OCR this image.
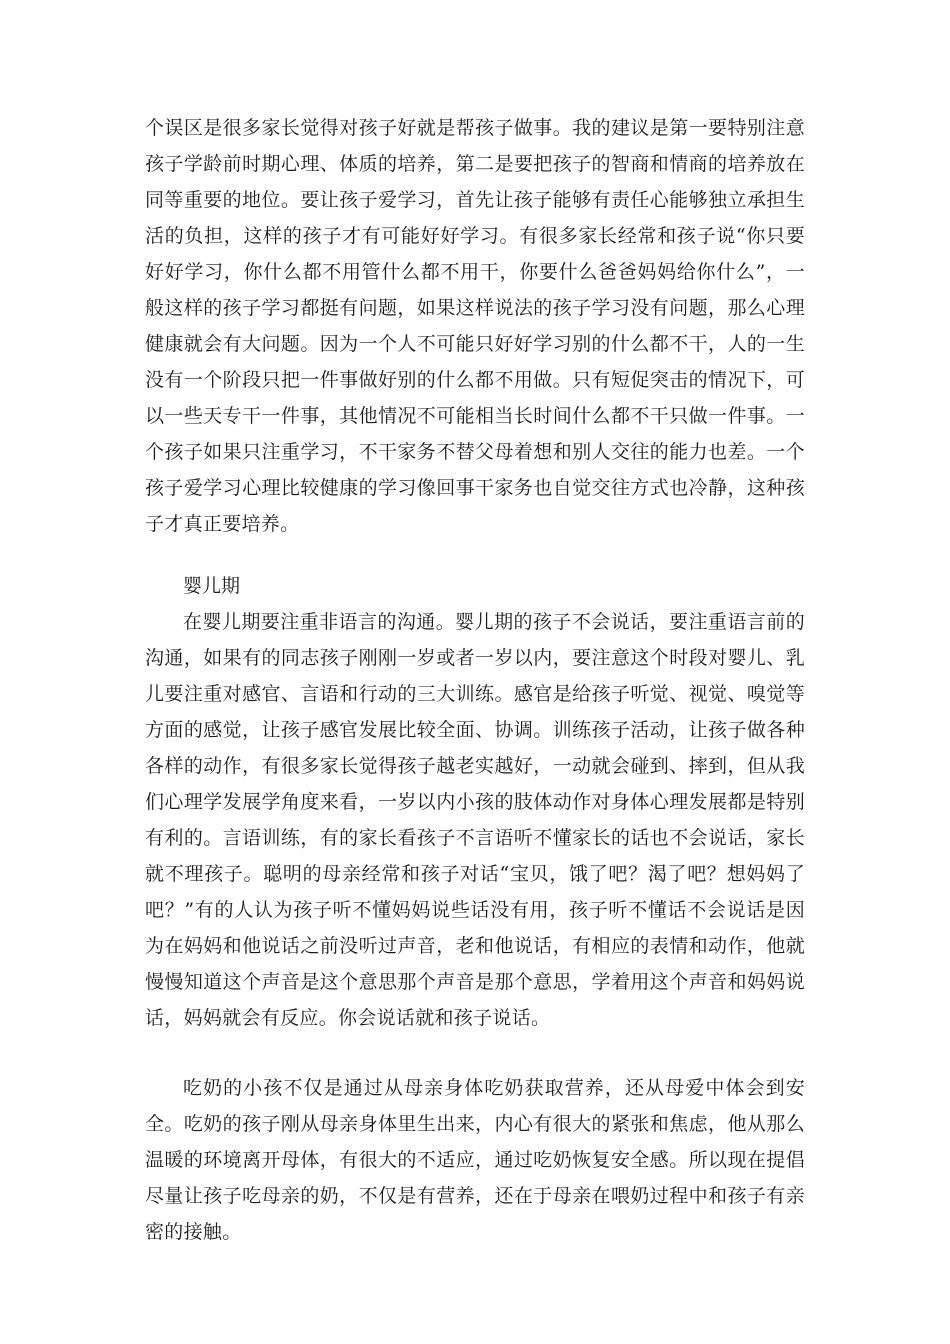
个误区是很多家长觉得对孩子好就是帮孩子做事。我的建议是第一要特别注意孩子学龄前时期心理、体质的培养，第二是要把孩子的智商和情商的培养放在同等重要的地位。要让孩子爱学习，首先让孩子能够有责任心能够独立承担生活的负担，这样的孩子才有可能好好学习。有很多家长经常和孩子说“你只要好好学习，你什么都不用管什么都不用干，你要什么爸爸妈妈给你什么”，一般这样的孩子学习都挺有问题，如果这样说法的孩子学习没有问题，那么心理健康就会有大问题。因为一个人不可能只好好学习别的什么都不干，人的一生没有一个阶段只把一件事做好别的什么都不用做。只有短促突击的情况下，可以一些天专干一件事，其他情况不可能相当长时间什么都不干只做一件事。一个孩子如果只注重学习，不干家务不替父母着想和别人交往的能力也差。一个孩子爱学习心理比较健康的学习像回事干家务也自觉交往方式也冷静，这种孩子才真正要培养。

婴儿期

在婴儿期要注重非语言的沟通。婴儿期的孩子不会说话，要注重语言前的沟通，如果有的同志孩子刚刚一岁或者一岁以内，要注意这个时段对婴儿、乳儿要注重对感官、言语和行动的三大训练。感官是给孩子听觉、视觉、嗅觉等方面的感觉，让孩子感官发展比较全面、协调。训练孩子活动，让孩子做各种各样的动作，有很多家长觉得孩子越老实越好，一动就会碰到、摔到，但从我们心理学发展学角度来看，一岁以内小孩的肢体动作对身体心理发展都是特别有利的。言语训练，有的家长看孩子不言语听不懂家长的话也不会说话，家长就不理孩子。聪明的母亲经常和孩子对话“宝贝，饿了吧？渴了吧？想妈妈了吧？”有的人认为孩子听不懂妈妈说些话没有用，孩子听不懂话不会说话是因为在妈妈和他说话之前没听过声音，老和他说话，有相应的表情和动作，他就慢慢知道这个声音是这个意思那个声音是那个意思，学着用这个声音和妈妈说话，妈妈就会有反应。你会说话就和孩子说话。

吃奶的小孩不仅是通过从母亲身体吃奶获取营养，还从母爱中体会到安全。吃奶的孩子刚从母亲身体里生出来，内心有很大的紧张和焦虑，他从那么温暖的环境离开母体，有很大的不适应，通过吃奶恢复安全感。所以现在提倡尽量让孩子吃母亲的奶，不仅是有营养，还在于母亲在喂奶过程中和孩子有亲密的接触。
